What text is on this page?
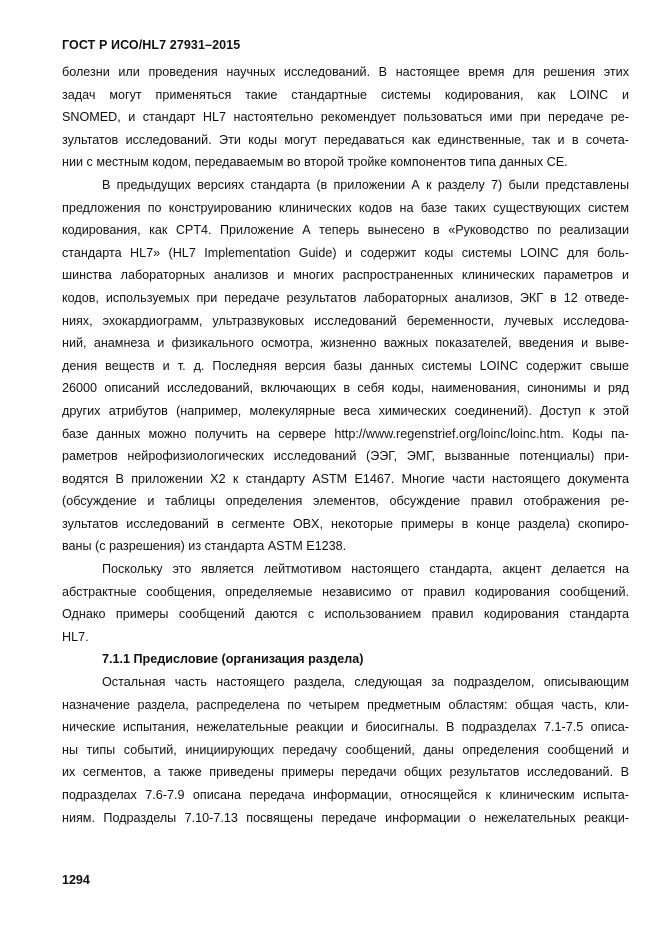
ГОСТ Р ИСО/HL7 27931–2015
болезни или проведения научных исследований. В настоящее время для решения этих
задач могут применяться такие стандартные системы кодирования, как LOINC и
SNOMED, и стандарт HL7 настоятельно рекомендует пользоваться ими при передаче ре-
зультатов исследований. Эти коды могут передаваться как единственные, так и в сочета-
нии с местным кодом, передаваемым во второй тройке компонентов типа данных СЕ.
В предыдущих версиях стандарта (в приложении А к разделу 7) были представлены
предложения по конструированию клинических кодов на базе таких существующих систем
кодирования, как CPT4. Приложение А теперь вынесено в «Руководство по реализации
стандарта HL7» (HL7 Implementation Guide) и содержит коды системы LOINC для боль-
шинства лабораторных анализов и многих распространенных клинических параметров и
кодов, используемых при передаче результатов лабораторных анализов, ЭКГ в 12 отведе-
ниях, эхокардиограмм, ультразвуковых исследований беременности, лучевых исследова-
ний, анамнеза и физикального осмотра, жизненно важных показателей, введения и выве-
дения веществ и т. д. Последняя версия базы данных системы LOINC содержит свыше
26000 описаний исследований, включающих в себя коды, наименования, синонимы и ряд
других атрибутов (например, молекулярные веса химических соединений). Доступ к этой
базе данных можно получить на сервере http://www.regenstrief.org/loinc/loinc.htm. Коды па-
раметров нейрофизиологических исследований (ЭЭГ, ЭМГ, вызванные потенциалы) при-
водятся В приложении Х2 к стандарту ASTM E1467. Многие части настоящего документа
(обсуждение и таблицы определения элементов, обсуждение правил отображения ре-
зультатов исследований в сегменте OBX, некоторые примеры в конце раздела) скопиро-
ваны (с разрешения) из стандарта ASTM E1238.
Поскольку это является лейтмотивом настоящего стандарта, акцент делается на
абстрактные сообщения, определяемые независимо от правил кодирования сообщений.
Однако примеры сообщений даются с использованием правил кодирования стандарта
HL7.
7.1.1 Предисловие (организация раздела)
Остальная часть настоящего раздела, следующая за подразделом, описывающим
назначение раздела, распределена по четырем предметным областям: общая часть, кли-
нические испытания, нежелательные реакции и биосигналы. В подразделах 7.1-7.5 описа-
ны типы событий, инициирующих передачу сообщений, даны определения сообщений и
их сегментов, а также приведены примеры передачи общих результатов исследований. В
подразделах 7.6-7.9 описана передача информации, относящейся к клиническим испыта-
ниям. Подразделы 7.10-7.13 посвящены передаче информации о нежелательных реакци-
1294
